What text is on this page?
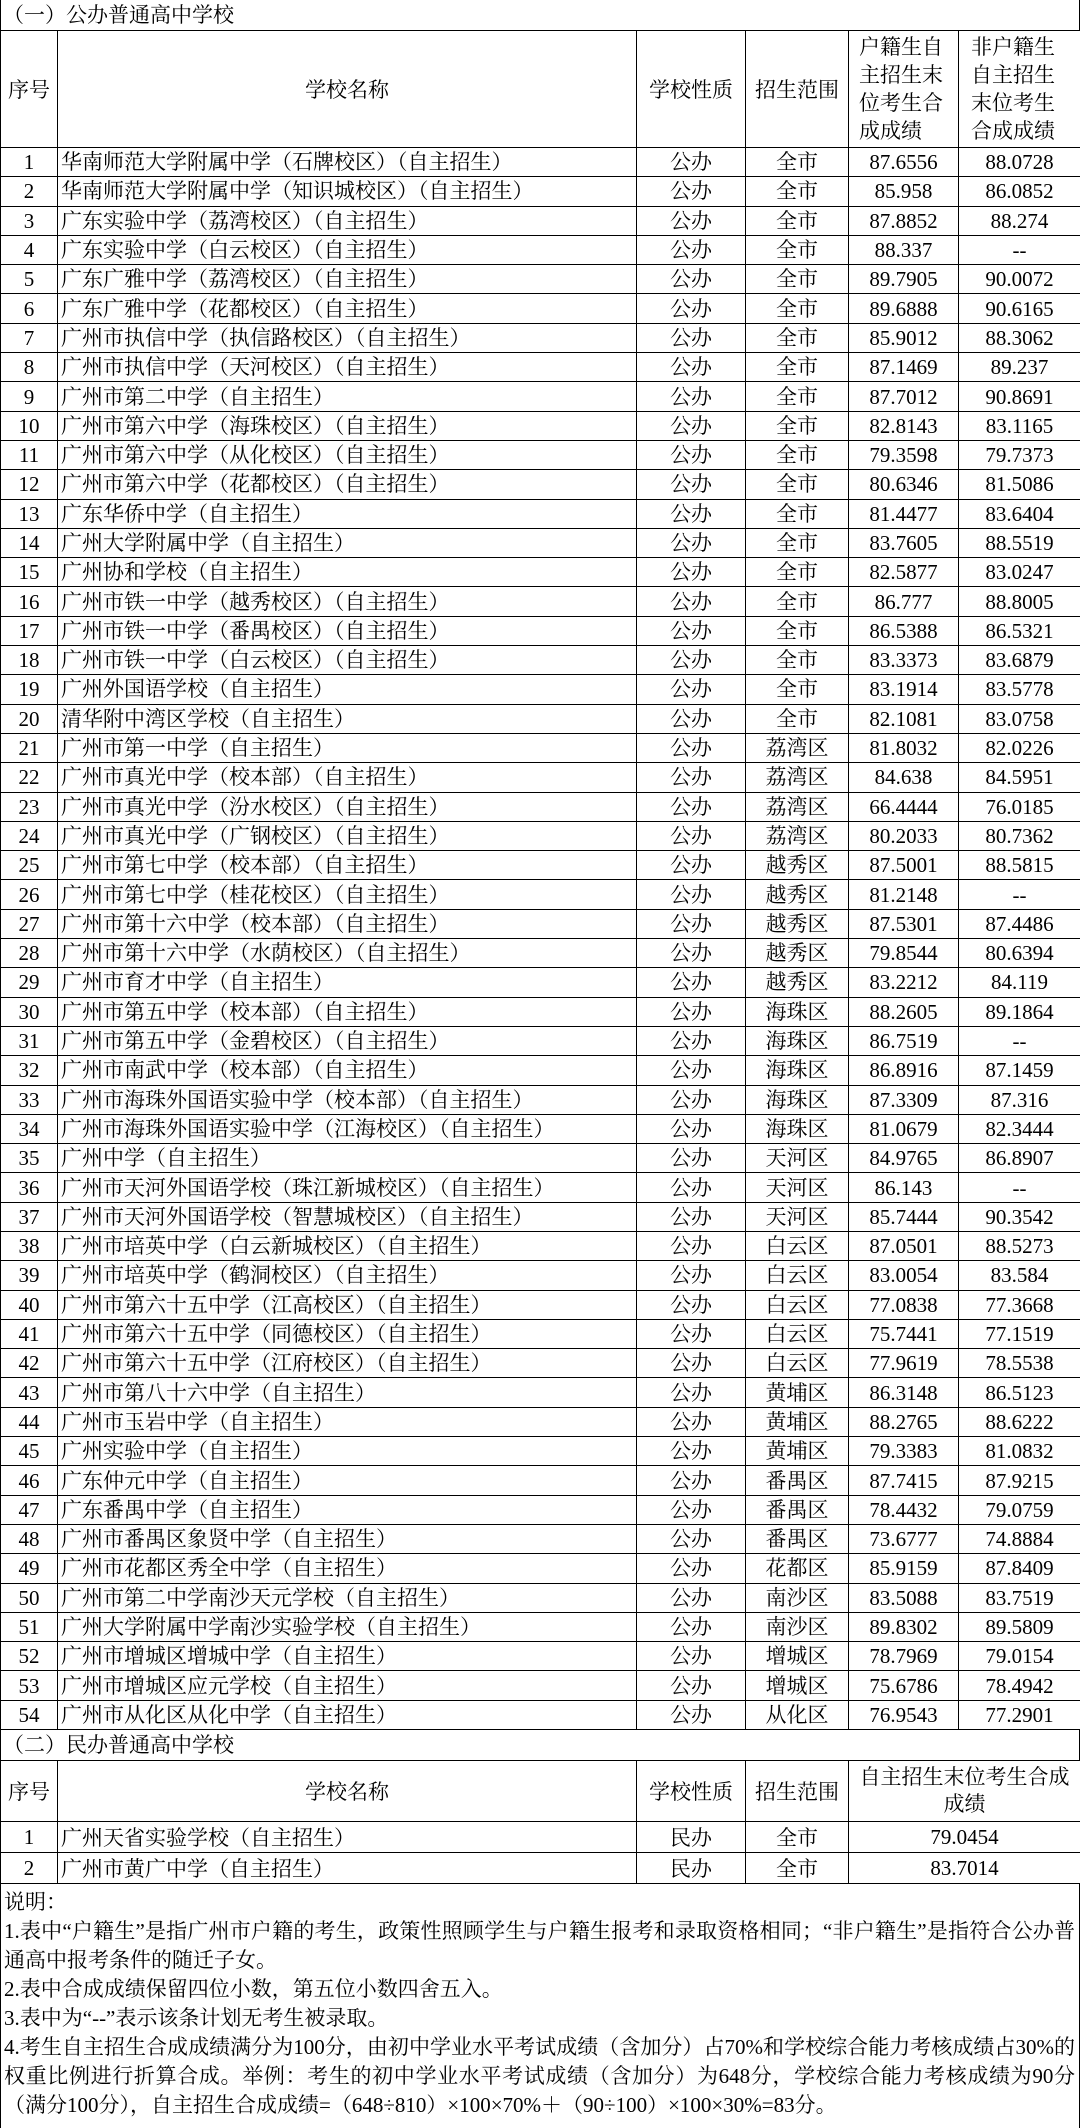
（一）公办普通高中学校
序号	学校名称	学校性质	招生范围	户籍生自主招生末位考生合成成绩	非户籍生自主招生末位考生合成成绩
1	华南师范大学附属中学（石牌校区）（自主招生）	公办	全市	87.6556	88.0728
2	华南师范大学附属中学（知识城校区）（自主招生）	公办	全市	85.958	86.0852
3	广东实验中学（荔湾校区）（自主招生）	公办	全市	87.8852	88.274
4	广东实验中学（白云校区）（自主招生）	公办	全市	88.337	--
5	广东广雅中学（荔湾校区）（自主招生）	公办	全市	89.7905	90.0072
6	广东广雅中学（花都校区）（自主招生）	公办	全市	89.6888	90.6165
7	广州市执信中学（执信路校区）（自主招生）	公办	全市	85.9012	88.3062
8	广州市执信中学（天河校区）（自主招生）	公办	全市	87.1469	89.237
9	广州市第二中学（自主招生）	公办	全市	87.7012	90.8691
10	广州市第六中学（海珠校区）（自主招生）	公办	全市	82.8143	83.1165
11	广州市第六中学（从化校区）（自主招生）	公办	全市	79.3598	79.7373
12	广州市第六中学（花都校区）（自主招生）	公办	全市	80.6346	81.5086
13	广东华侨中学（自主招生）	公办	全市	81.4477	83.6404
14	广州大学附属中学（自主招生）	公办	全市	83.7605	88.5519
15	广州协和学校（自主招生）	公办	全市	82.5877	83.0247
16	广州市铁一中学（越秀校区）（自主招生）	公办	全市	86.777	88.8005
17	广州市铁一中学（番禺校区）（自主招生）	公办	全市	86.5388	86.5321
18	广州市铁一中学（白云校区）（自主招生）	公办	全市	83.3373	83.6879
19	广州外国语学校（自主招生）	公办	全市	83.1914	83.5778
20	清华附中湾区学校（自主招生）	公办	全市	82.1081	83.0758
21	广州市第一中学（自主招生）	公办	荔湾区	81.8032	82.0226
22	广州市真光中学（校本部）（自主招生）	公办	荔湾区	84.638	84.5951
23	广州市真光中学（汾水校区）（自主招生）	公办	荔湾区	66.4444	76.0185
24	广州市真光中学（广钢校区）（自主招生）	公办	荔湾区	80.2033	80.7362
25	广州市第七中学（校本部）（自主招生）	公办	越秀区	87.5001	88.5815
26	广州市第七中学（桂花校区）（自主招生）	公办	越秀区	81.2148	--
27	广州市第十六中学（校本部）（自主招生）	公办	越秀区	87.5301	87.4486
28	广州市第十六中学（水荫校区）（自主招生）	公办	越秀区	79.8544	80.6394
29	广州市育才中学（自主招生）	公办	越秀区	83.2212	84.119
30	广州市第五中学（校本部）（自主招生）	公办	海珠区	88.2605	89.1864
31	广州市第五中学（金碧校区）（自主招生）	公办	海珠区	86.7519	--
32	广州市南武中学（校本部）（自主招生）	公办	海珠区	86.8916	87.1459
33	广州市海珠外国语实验中学（校本部）（自主招生）	公办	海珠区	87.3309	87.316
34	广州市海珠外国语实验中学（江海校区）（自主招生）	公办	海珠区	81.0679	82.3444
35	广州中学（自主招生）	公办	天河区	84.9765	86.8907
36	广州市天河外国语学校（珠江新城校区）（自主招生）	公办	天河区	86.143	--
37	广州市天河外国语学校（智慧城校区）（自主招生）	公办	天河区	85.7444	90.3542
38	广州市培英中学（白云新城校区）（自主招生）	公办	白云区	87.0501	88.5273
39	广州市培英中学（鹤洞校区）（自主招生）	公办	白云区	83.0054	83.584
40	广州市第六十五中学（江高校区）（自主招生）	公办	白云区	77.0838	77.3668
41	广州市第六十五中学（同德校区）（自主招生）	公办	白云区	75.7441	77.1519
42	广州市第六十五中学（江府校区）（自主招生）	公办	白云区	77.9619	78.5538
43	广州市第八十六中学（自主招生）	公办	黄埔区	86.3148	86.5123
44	广州市玉岩中学（自主招生）	公办	黄埔区	88.2765	88.6222
45	广州实验中学（自主招生）	公办	黄埔区	79.3383	81.0832
46	广东仲元中学（自主招生）	公办	番禺区	87.7415	87.9215
47	广东番禺中学（自主招生）	公办	番禺区	78.4432	79.0759
48	广州市番禺区象贤中学（自主招生）	公办	番禺区	73.6777	74.8884
49	广州市花都区秀全中学（自主招生）	公办	花都区	85.9159	87.8409
50	广州市第二中学南沙天元学校（自主招生）	公办	南沙区	83.5088	83.7519
51	广州大学附属中学南沙实验学校（自主招生）	公办	南沙区	89.8302	89.5809
52	广州市增城区增城中学（自主招生）	公办	增城区	78.7969	79.0154
53	广州市增城区应元学校（自主招生）	公办	增城区	75.6786	78.4942
54	广州市从化区从化中学（自主招生）	公办	从化区	76.9543	77.2901
（二）民办普通高中学校
序号	学校名称	学校性质	招生范围	自主招生末位考生合成成绩
1	广州天省实验学校（自主招生）	民办	全市	79.0454
2	广州市黄广中学（自主招生）	民办	全市	83.7014
说明：
1.表中“户籍生”是指广州市户籍的考生，政策性照顾学生与户籍生报考和录取资格相同；“非户籍生”是指符合公办普通高中报考条件的随迁子女。
2.表中合成成绩保留四位小数，第五位小数四舍五入。
3.表中为“--”表示该条计划无考生被录取。
4.考生自主招生合成成绩满分为100分，由初中学业水平考试成绩（含加分）占70%和学校综合能力考核成绩占30%的权重比例进行折算合成。举例：考生的初中学业水平考试成绩（含加分）为648分，学校综合能力考核成绩为90分（满分100分），自主招生合成成绩=（648÷810）×100×70%＋（90÷100）×100×30%=83分。
